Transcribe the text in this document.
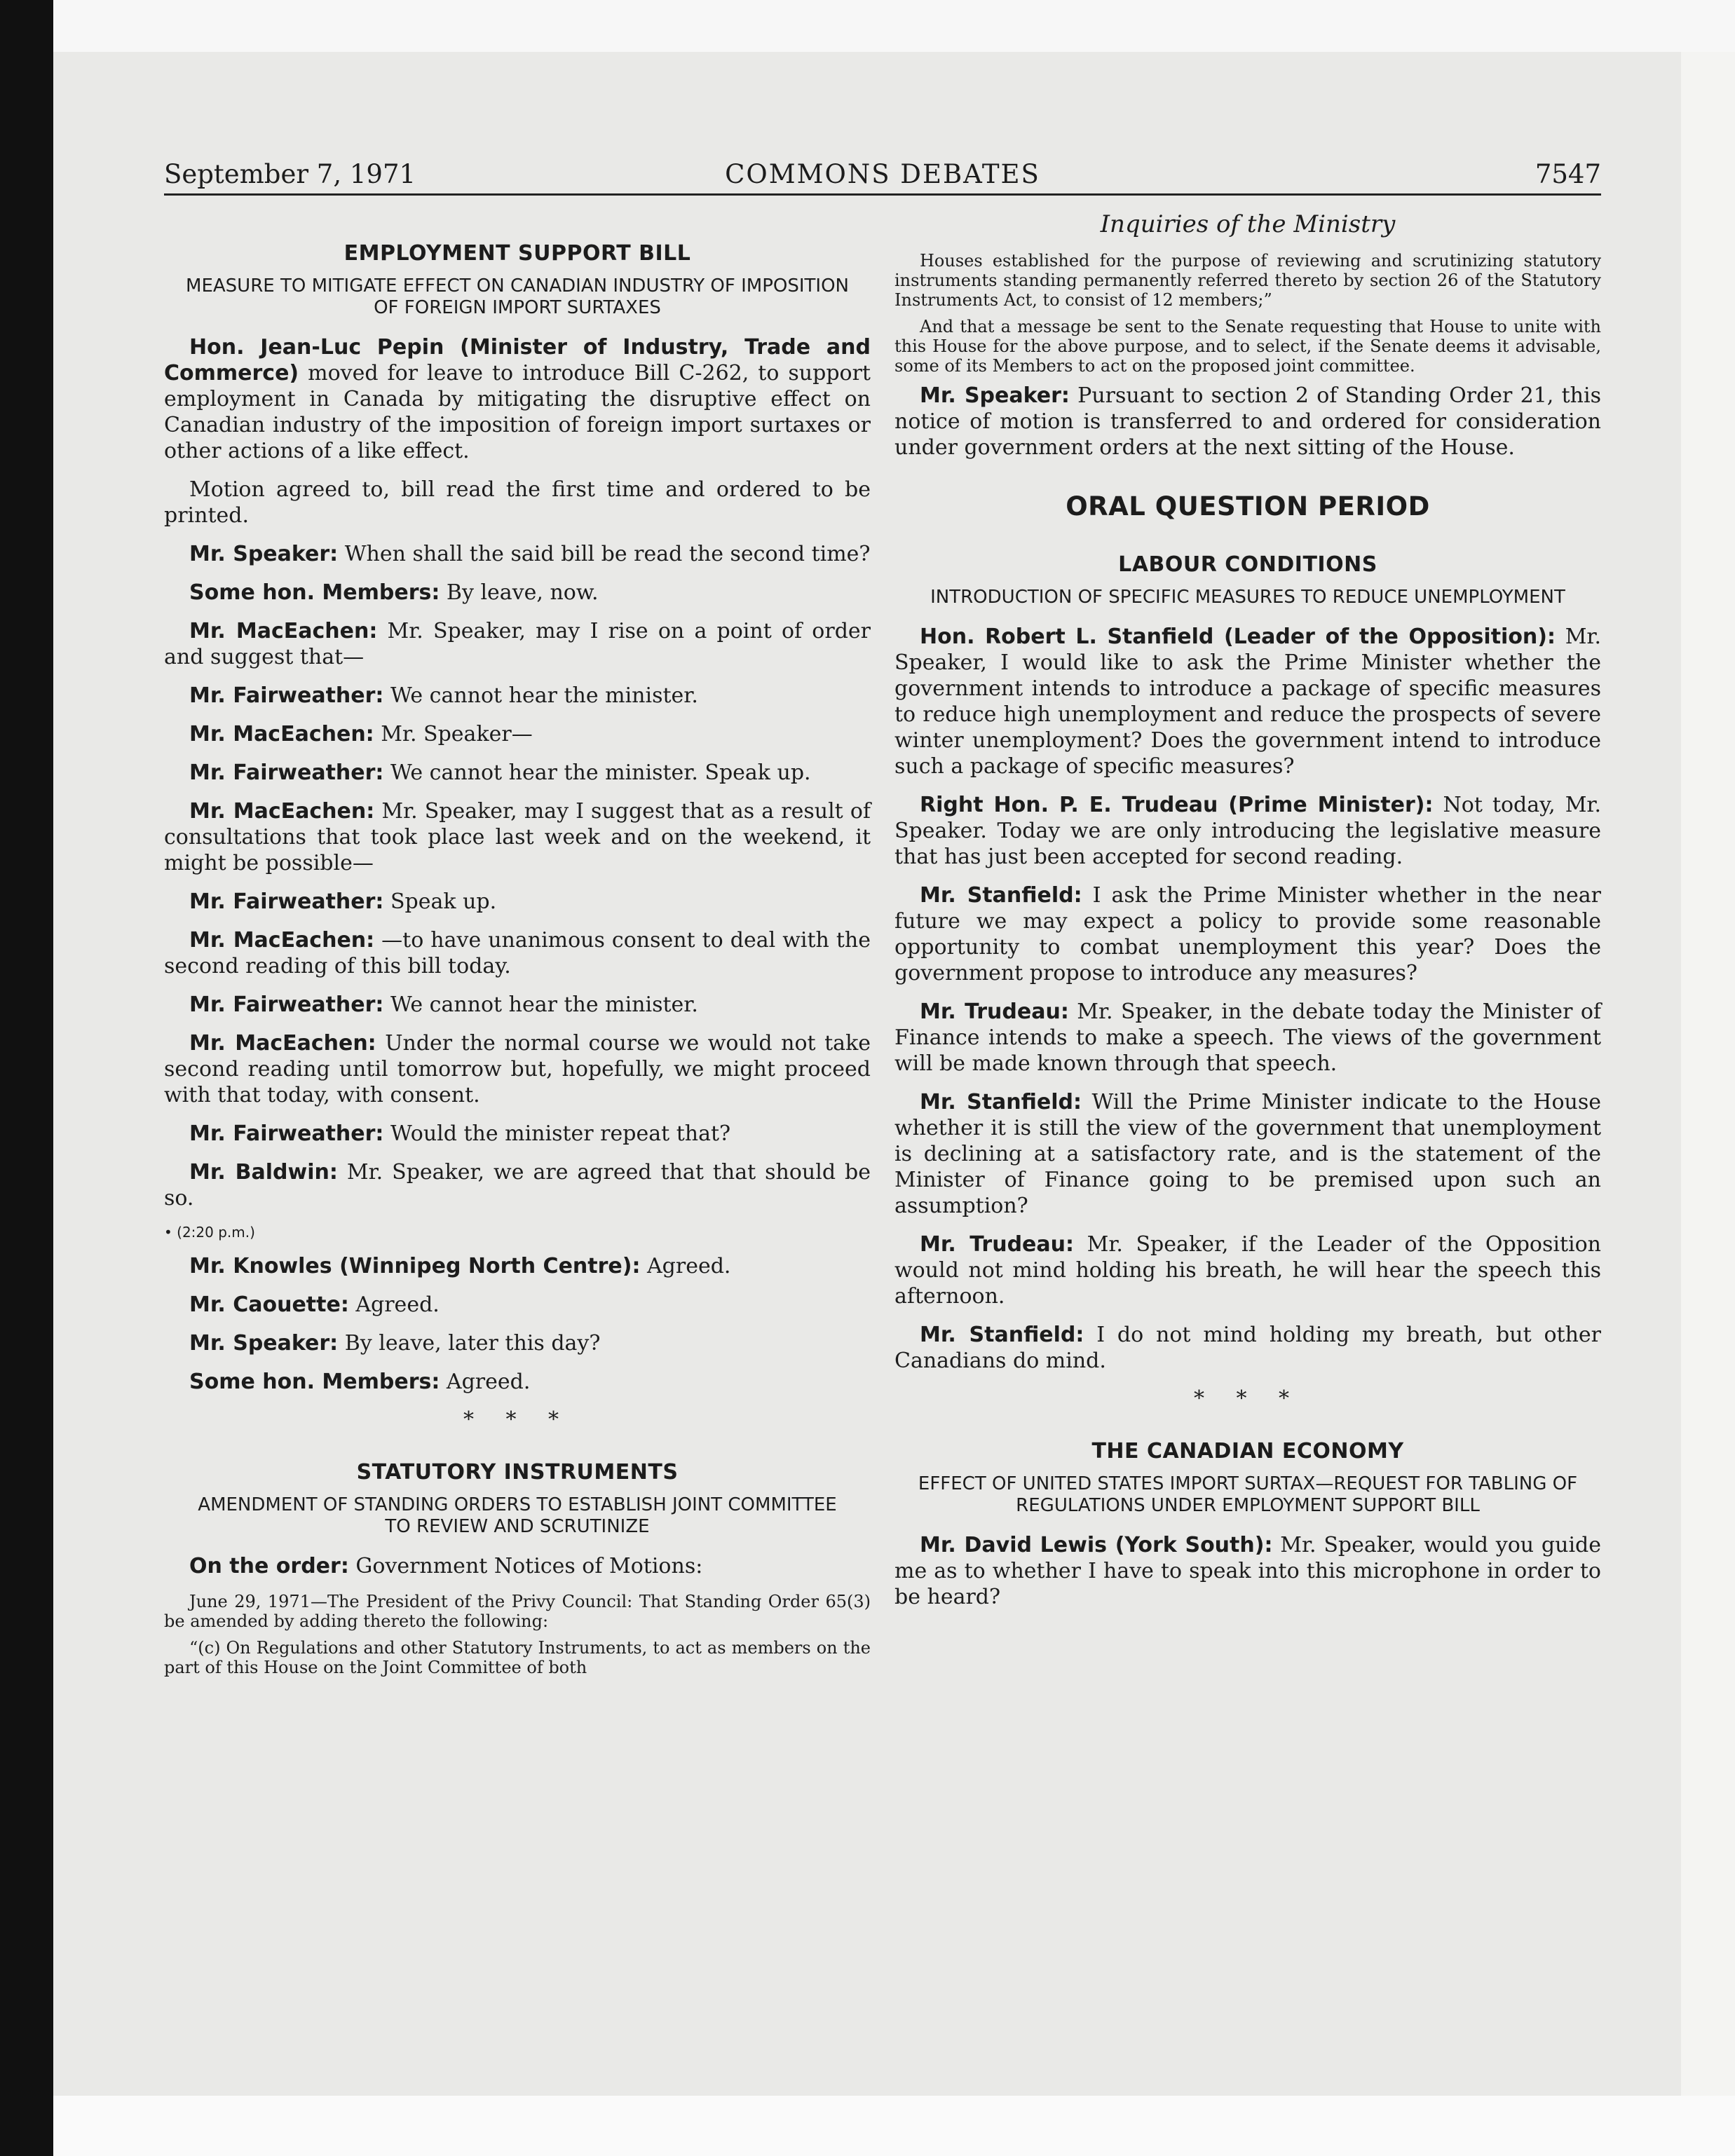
September 7, 1971	COMMONS DEBATES	7547
EMPLOYMENT SUPPORT BILL
MEASURE TO MITIGATE EFFECT ON CANADIAN INDUSTRY OF IMPOSITION OF FOREIGN IMPORT SURTAXES

Hon. Jean-Luc Pepin (Minister of Industry, Trade and Commerce) moved for leave to introduce Bill C-262, to support employment in Canada by mitigating the disruptive effect on Canadian industry of the imposition of foreign import surtaxes or other actions of a like effect.

Motion agreed to, bill read the first time and ordered to be printed.

Mr. Speaker: When shall the said bill be read the second time?

Some hon. Members: By leave, now.

Mr. MacEachen: Mr. Speaker, may I rise on a point of order and suggest that—

Mr. Fairweather: We cannot hear the minister.

Mr. MacEachen: Mr. Speaker—

Mr. Fairweather: We cannot hear the minister. Speak up.

Mr. MacEachen: Mr. Speaker, may I suggest that as a result of consultations that took place last week and on the weekend, it might be possible—

Mr. Fairweather: Speak up.

Mr. MacEachen: —to have unanimous consent to deal with the second reading of this bill today.

Mr. Fairweather: We cannot hear the minister.

Mr. MacEachen: Under the normal course we would not take second reading until tomorrow but, hopefully, we might proceed with that today, with consent.

Mr. Fairweather: Would the minister repeat that?

Mr. Baldwin: Mr. Speaker, we are agreed that that should be so.

• (2:20 p.m.)

Mr. Knowles (Winnipeg North Centre): Agreed.

Mr. Caouette: Agreed.

Mr. Speaker: By leave, later this day?

Some hon. Members: Agreed.

* * *
STATUTORY INSTRUMENTS
AMENDMENT OF STANDING ORDERS TO ESTABLISH JOINT COMMITTEE TO REVIEW AND SCRUTINIZE

On the order: Government Notices of Motions:

June 29, 1971—The President of the Privy Council: That Standing Order 65(3) be amended by adding thereto the following:

“(c) On Regulations and other Statutory Instruments, to act as members on the part of this House on the Joint Committee of both

Inquiries of the Ministry

Houses established for the purpose of reviewing and scrutinizing statutory instruments standing permanently referred thereto by section 26 of the Statutory Instruments Act, to consist of 12 members;”

And that a message be sent to the Senate requesting that House to unite with this House for the above purpose, and to select, if the Senate deems it advisable, some of its Members to act on the proposed joint committee.

Mr. Speaker: Pursuant to section 2 of Standing Order 21, this notice of motion is transferred to and ordered for consideration under government orders at the next sitting of the House.

ORAL QUESTION PERIOD
LABOUR CONDITIONS
INTRODUCTION OF SPECIFIC MEASURES TO REDUCE UNEMPLOYMENT

Hon. Robert L. Stanfield (Leader of the Opposition): Mr. Speaker, I would like to ask the Prime Minister whether the government intends to introduce a package of specific measures to reduce high unemployment and reduce the prospects of severe winter unemployment? Does the government intend to introduce such a package of specific measures?

Right Hon. P. E. Trudeau (Prime Minister): Not today, Mr. Speaker. Today we are only introducing the legislative measure that has just been accepted for second reading.

Mr. Stanfield: I ask the Prime Minister whether in the near future we may expect a policy to provide some reasonable opportunity to combat unemployment this year? Does the government propose to introduce any measures?

Mr. Trudeau: Mr. Speaker, in the debate today the Minister of Finance intends to make a speech. The views of the government will be made known through that speech.

Mr. Stanfield: Will the Prime Minister indicate to the House whether it is still the view of the government that unemployment is declining at a satisfactory rate, and is the statement of the Minister of Finance going to be premised upon such an assumption?

Mr. Trudeau: Mr. Speaker, if the Leader of the Opposition would not mind holding his breath, he will hear the speech this afternoon.

Mr. Stanfield: I do not mind holding my breath, but other Canadians do mind.

* * *
THE CANADIAN ECONOMY
EFFECT OF UNITED STATES IMPORT SURTAX—REQUEST FOR TABLING OF REGULATIONS UNDER EMPLOYMENT SUPPORT BILL

Mr. David Lewis (York South): Mr. Speaker, would you guide me as to whether I have to speak into this microphone in order to be heard?
